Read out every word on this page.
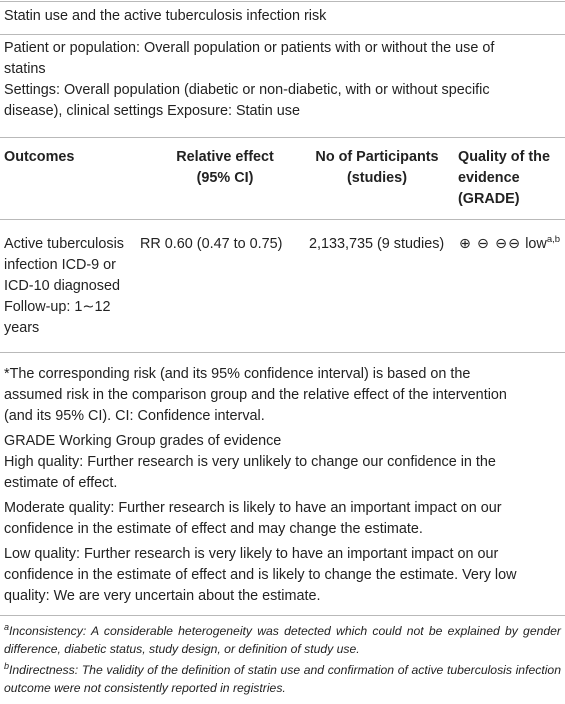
Statin use and the active tuberculosis infection risk
Patient or population: Overall population or patients with or without the use of
statins
Settings: Overall population (diabetic or non-diabetic, with or without specific
disease), clinical settings Exposure: Statin use
Outcomes	Relative effect
(95% CI)
No of Participants
(studies)
Quality of the
evidence
(GRADE)
Active tuberculosis
infection ICD-9 or
ICD-10 diagnosed
Follow-up: 1∼12
years
RR 0.60 (0.47 to 0.75) 2,133,735 (9 studies) ⊕ ⊖ ⊖⊖ low$^{a,b}$
*The corresponding risk (and its 95% confidence interval) is based on the
assumed risk in the comparison group and the relative effect of the intervention
(and its 95% CI). CI: Confidence interval.
GRADE Working Group grades of evidence
High quality: Further research is very unlikely to change our confidence in the
estimate of effect.
Moderate quality: Further research is likely to have an important impact on our
confidence in the estimate of effect and may change the estimate.
Low quality: Further research is very likely to have an important impact on our
confidence in the estimate of effect and is likely to change the estimate. Very low
quality: We are very uncertain about the estimate.
$^a$Inconsistency: A considerable heterogeneity was detected which could not be explained by gender difference, diabetic status, study design, or definition of study use.
$^b$Indirectness: The validity of the definition of statin use and confirmation of active tuberculosis infection outcome were not consistently reported in registries.
